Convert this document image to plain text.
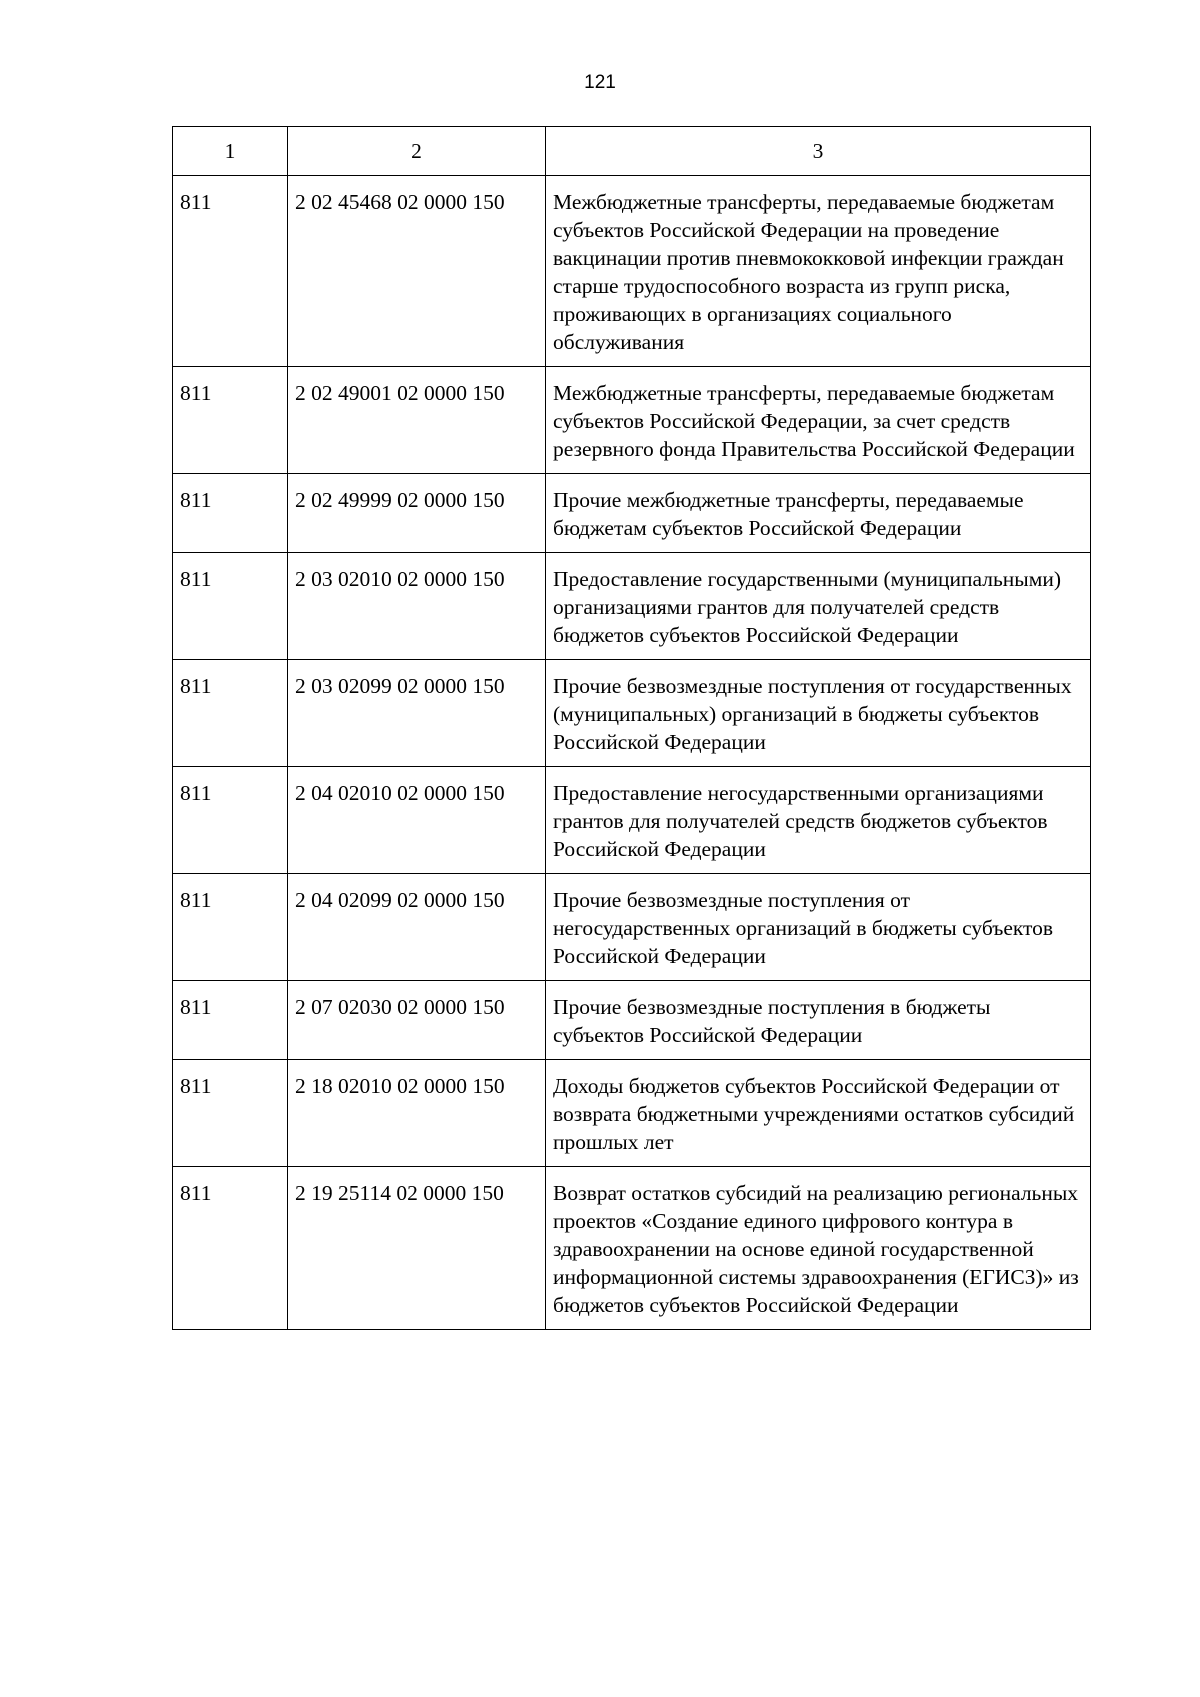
121
1	2	3
811	2 02 45468 02 0000 150	Межбюджетные трансферты, передаваемые бюджетам субъектов Российской Федерации на проведение вакцинации против пневмококковой инфекции граждан старше трудоспособного возраста из групп риска, проживающих в организациях социального обслуживания
811	2 02 49001 02 0000 150	Межбюджетные трансферты, передаваемые бюджетам субъектов Российской Федерации, за счет средств резервного фонда Правительства Российской Федерации
811	2 02 49999 02 0000 150	Прочие межбюджетные трансферты, передаваемые бюджетам субъектов Российской Федерации
811	2 03 02010 02 0000 150	Предоставление государственными (муниципальными) организациями грантов для получателей средств бюджетов субъектов Российской Федерации
811	2 03 02099 02 0000 150	Прочие безвозмездные поступления от государственных (муниципальных) организаций в бюджеты субъектов Российской Федерации
811	2 04 02010 02 0000 150	Предоставление негосударственными организациями грантов для получателей средств бюджетов субъектов Российской Федерации
811	2 04 02099 02 0000 150	Прочие безвозмездные поступления от негосударственных организаций в бюджеты субъектов Российской Федерации
811	2 07 02030 02 0000 150	Прочие безвозмездные поступления в бюджеты субъектов Российской Федерации
811	2 18 02010 02 0000 150	Доходы бюджетов субъектов Российской Федерации от возврата бюджетными учреждениями остатков субсидий прошлых лет
811	2 19 25114 02 0000 150	Возврат остатков субсидий на реализацию региональных проектов «Создание единого цифрового контура в здравоохранении на основе единой государственной информационной системы здравоохранения (ЕГИСЗ)» из бюджетов субъектов Российской Федерации
